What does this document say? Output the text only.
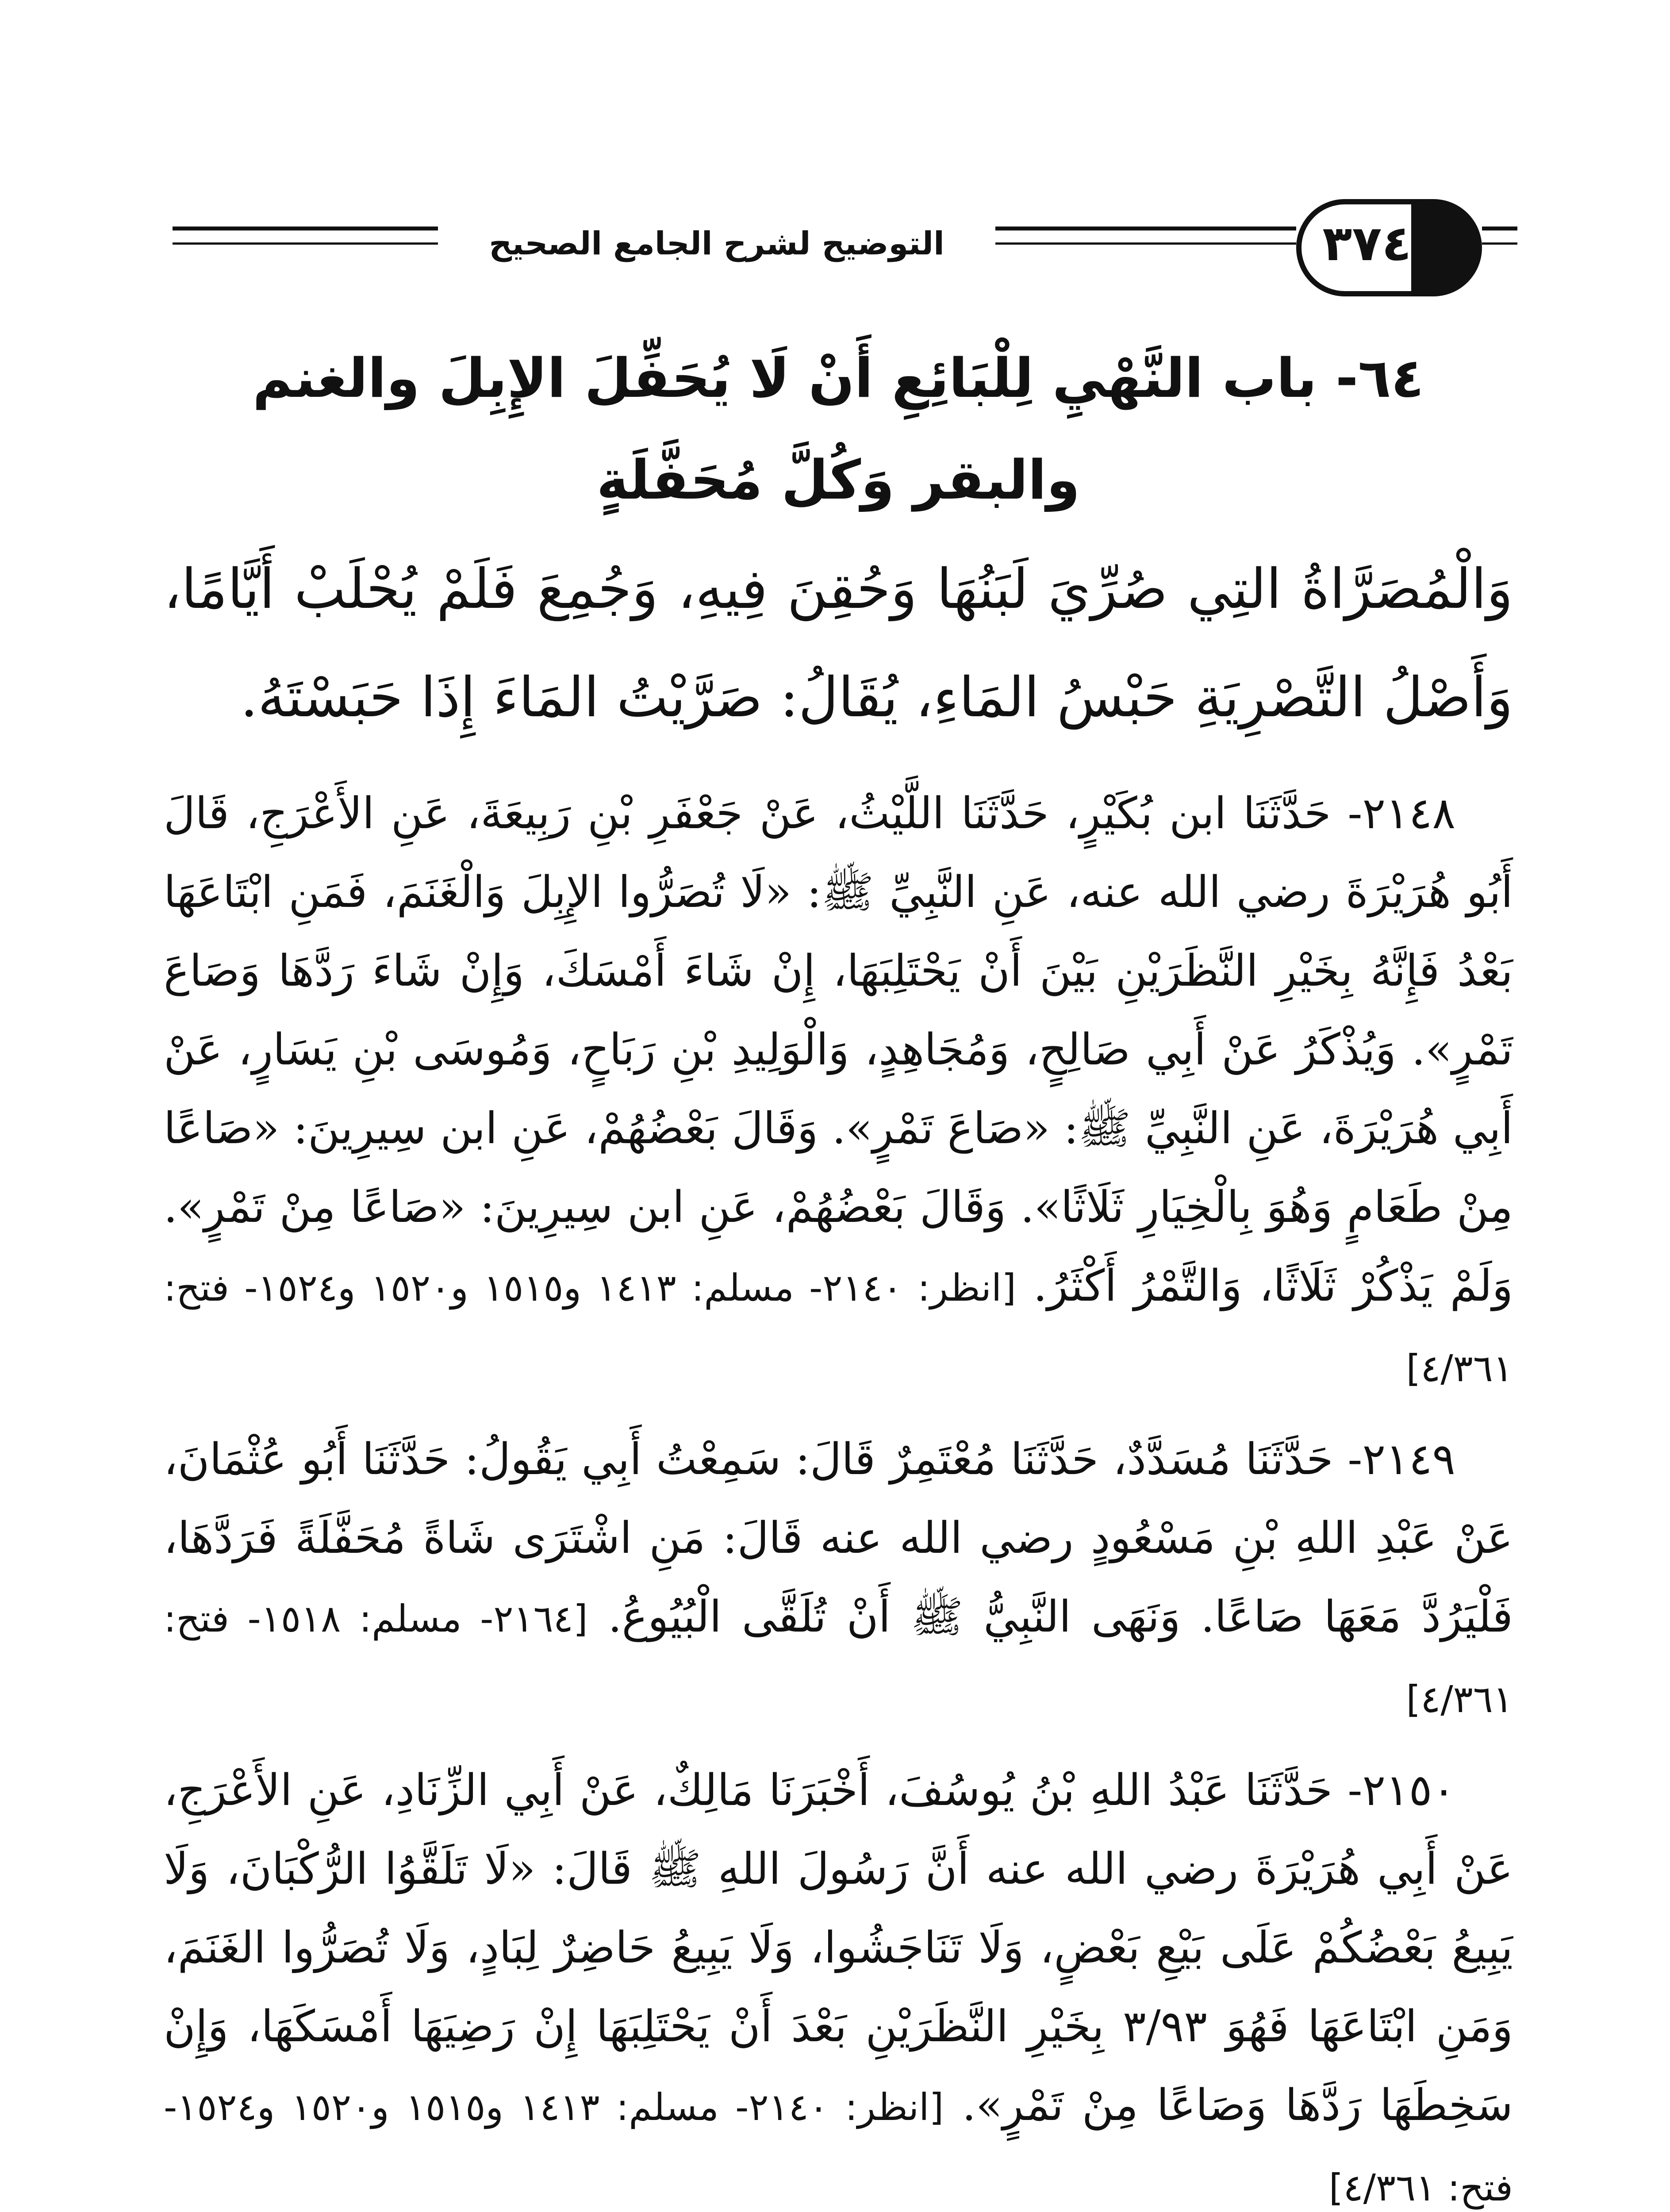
التوضيح لشرح الجامع الصحيح	٣٧٤
٦٤- باب النَّهْيِ لِلْبَائِعِ أَنْ لَا يُحَفِّلَ الإِبِلَ والغنم
والبقر وَكُلَّ مُحَفَّلَةٍ

وَالْمُصَرَّاةُ التِي صُرِّيَ لَبَنُهَا وَحُقِنَ فِيهِ، وَجُمِعَ فَلَمْ يُحْلَبْ أَيَّامًا، وَأَصْلُ التَّصْرِيَةِ حَبْسُ المَاءِ، يُقَالُ: صَرَّيْتُ المَاءَ إِذَا حَبَسْتَهُ.

٢١٤٨- حَدَّثَنَا ابن بُكَيْرٍ، حَدَّثَنَا اللَّيْثُ، عَنْ جَعْفَرِ بْنِ رَبِيعَةَ، عَنِ الأَعْرَجِ، قَالَ أَبُو هُرَيْرَةَ رضي الله عنه، عَنِ النَّبِيِّ ﷺ: «لَا تُصَرُّوا الإِبِلَ وَالْغَنَمَ، فَمَنِ ابْتَاعَهَا بَعْدُ فَإِنَّهُ بِخَيْرِ النَّظَرَيْنِ بَيْنَ أَنْ يَحْتَلِبَهَا، إِنْ شَاءَ أَمْسَكَ، وَإِنْ شَاءَ رَدَّهَا وَصَاعَ تَمْرٍ». وَيُذْكَرُ عَنْ أَبِي صَالِحٍ، وَمُجَاهِدٍ، وَالْوَلِيدِ بْنِ رَبَاحٍ، وَمُوسَى بْنِ يَسَارٍ، عَنْ أَبِي هُرَيْرَةَ، عَنِ النَّبِيِّ ﷺ: «صَاعَ تَمْرٍ». وَقَالَ بَعْضُهُمْ، عَنِ ابن سِيرِينَ: «صَاعًا مِنْ طَعَامٍ وَهُوَ بِالْخِيَارِ ثَلَاثًا». وَقَالَ بَعْضُهُمْ، عَنِ ابن سِيرِينَ: «صَاعًا مِنْ تَمْرٍ». وَلَمْ يَذْكُرْ ثَلَاثًا، وَالتَّمْرُ أَكْثَرُ. [انظر: ٢١٤٠- مسلم: ١٤١٣ و١٥١٥ و١٥٢٠ و١٥٢٤- فتح: ٤/٣٦١]

٢١٤٩- حَدَّثَنَا مُسَدَّدٌ، حَدَّثَنَا مُعْتَمِرٌ قَالَ: سَمِعْتُ أَبِي يَقُولُ: حَدَّثَنَا أَبُو عُثْمَانَ، عَنْ عَبْدِ اللهِ بْنِ مَسْعُودٍ رضي الله عنه قَالَ: مَنِ اشْتَرَى شَاةً مُحَفَّلَةً فَرَدَّهَا، فَلْيَرُدَّ مَعَهَا صَاعًا. وَنَهَى النَّبِيُّ ﷺ أَنْ تُلَقَّى الْبُيُوعُ. [٢١٦٤- مسلم: ١٥١٨- فتح: ٤/٣٦١]

٢١٥٠- حَدَّثَنَا عَبْدُ اللهِ بْنُ يُوسُفَ، أَخْبَرَنَا مَالِكٌ، عَنْ أَبِي الزِّنَادِ، عَنِ الأَعْرَجِ، عَنْ أَبِي هُرَيْرَةَ رضي الله عنه أَنَّ رَسُولَ اللهِ ﷺ قَالَ: «لَا تَلَقَّوُا الرُّكْبَانَ، وَلَا يَبِيعُ بَعْضُكُمْ عَلَى بَيْعِ بَعْضٍ، وَلَا تَنَاجَشُوا، وَلَا يَبِيعُ حَاضِرٌ لِبَادٍ، وَلَا تُصَرُّوا الغَنَمَ، وَمَنِ ابْتَاعَهَا فَهُوَ ٣/٩٣ بِخَيْرِ النَّظَرَيْنِ بَعْدَ أَنْ يَحْتَلِبَهَا إِنْ رَضِيَهَا أَمْسَكَهَا، وَإِنْ سَخِطَهَا رَدَّهَا وَصَاعًا مِنْ تَمْرٍ». [انظر: ٢١٤٠- مسلم: ١٤١٣ و١٥١٥ و١٥٢٠ و١٥٢٤- فتح: ٤/٣٦١]
